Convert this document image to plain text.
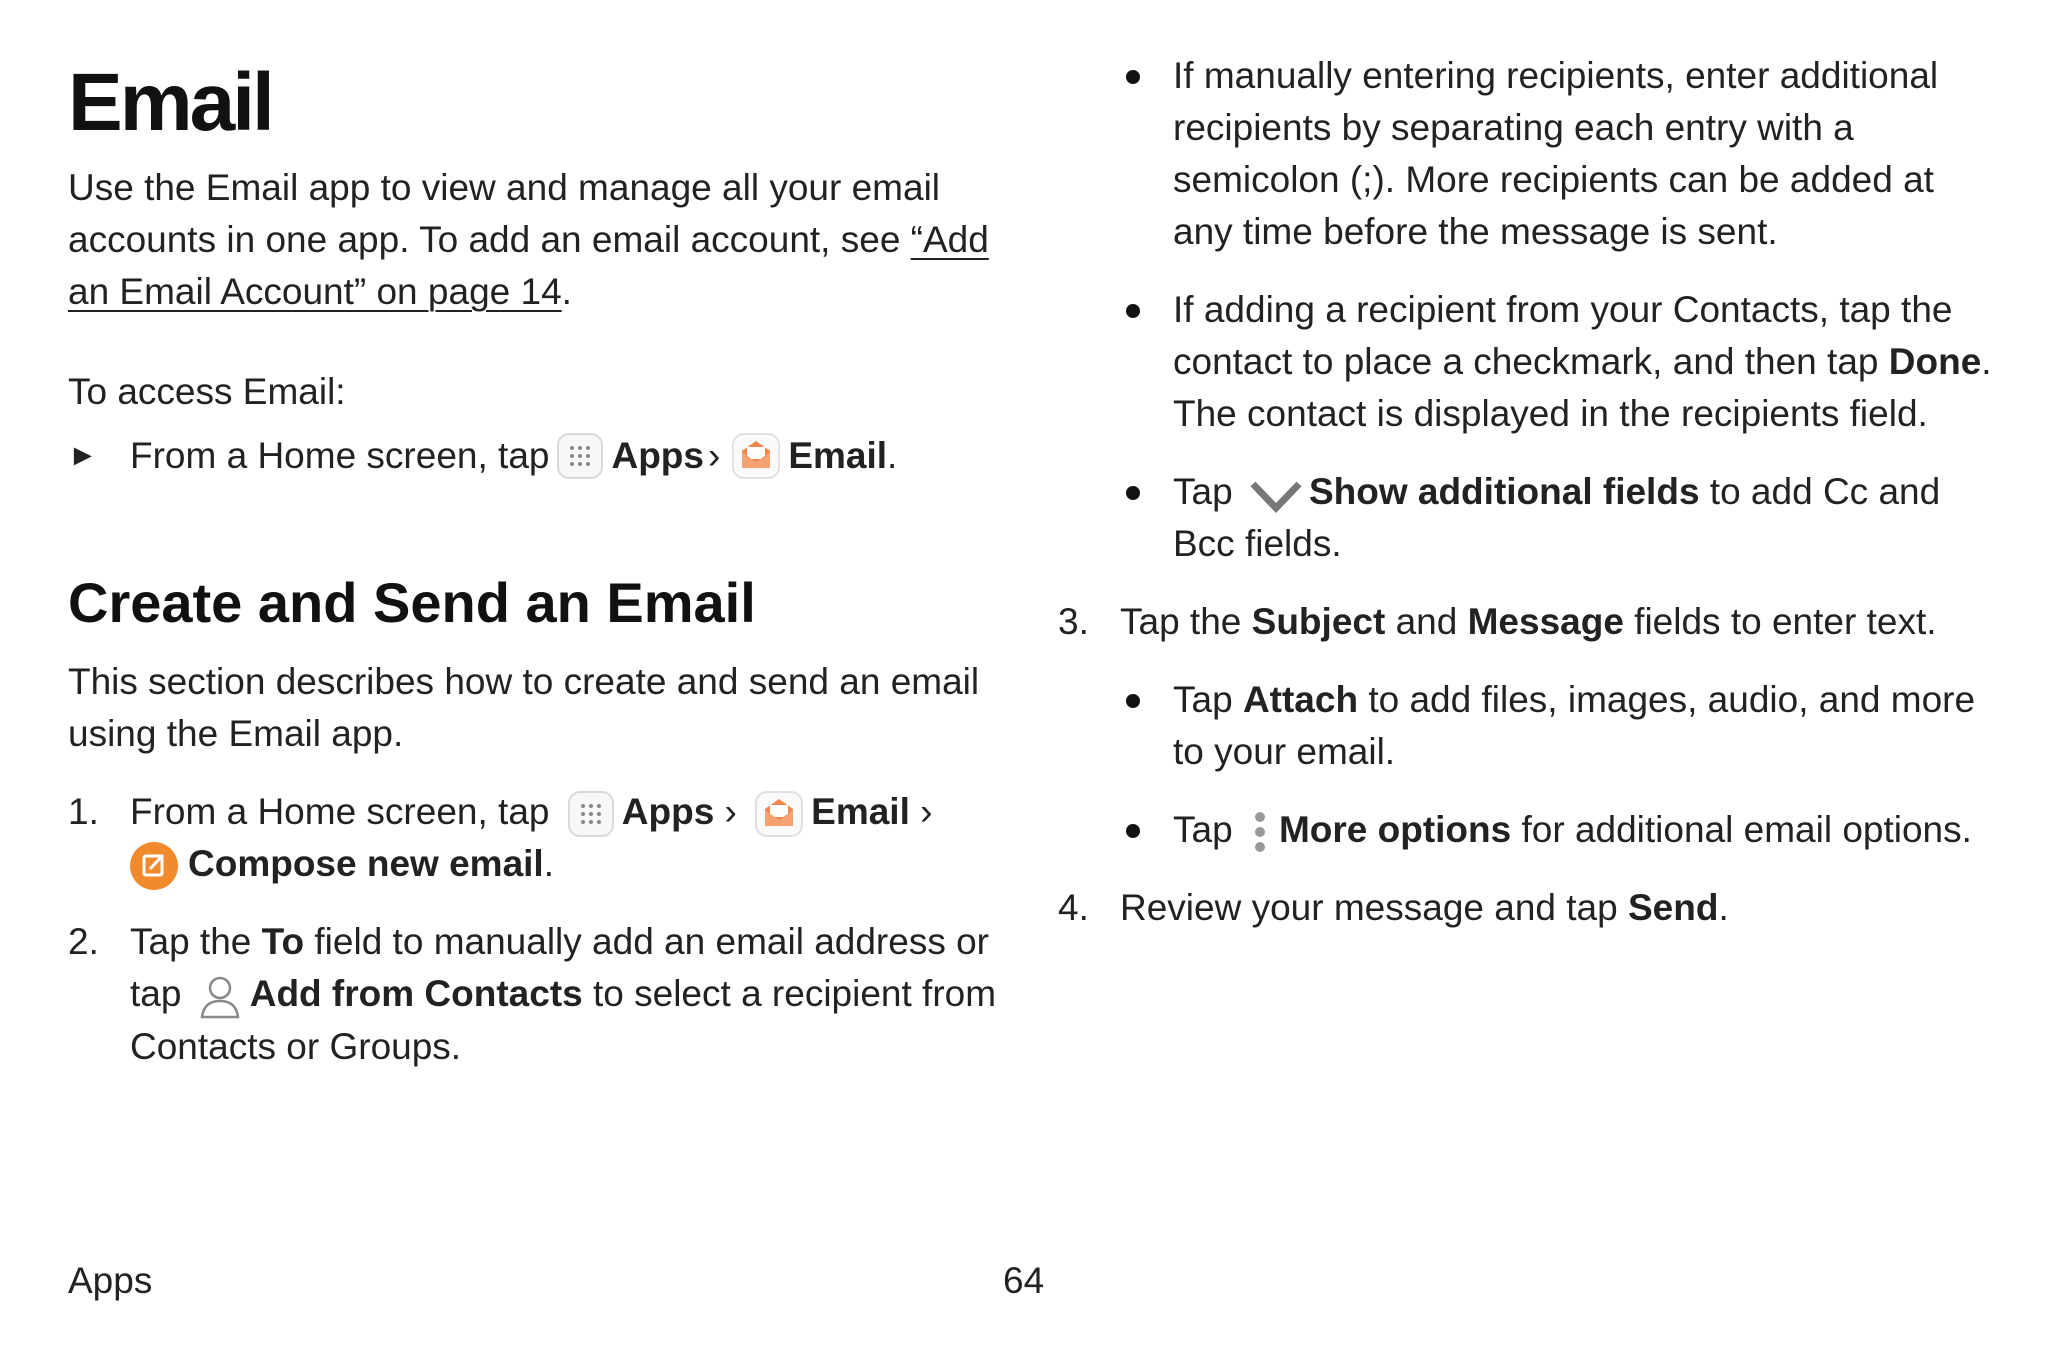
Email

Use the Email app to view and manage all your email accounts in one app. To add an email account, see “Add an Email Account” on page 14.

To access Email:

► From a Home screen, tap Apps › Email .
Create and Send an Email

This section describes how to create and send an email using the Email app.

1. From a Home screen, tap Apps › Email ›
Compose new email.
2. Tap the To field to manually add an email address or tap Add from Contacts to select a recipient from Contacts or Groups.
If manually entering recipients, enter additional recipients by separating each entry with a semicolon (;). More recipients can be added at any time before the message is sent.
If adding a recipient from your Contacts, tap the contact to place a checkmark, and then tap Done. The contact is displayed in the recipients field.
Tap Show additional fields to add Cc and Bcc fields.
3. Tap the Subject and Message fields to enter text.
Tap Attach to add files, images, audio, and more to your email.
Tap More options for additional email options.
4. Review your message and tap Send.
Apps	64
